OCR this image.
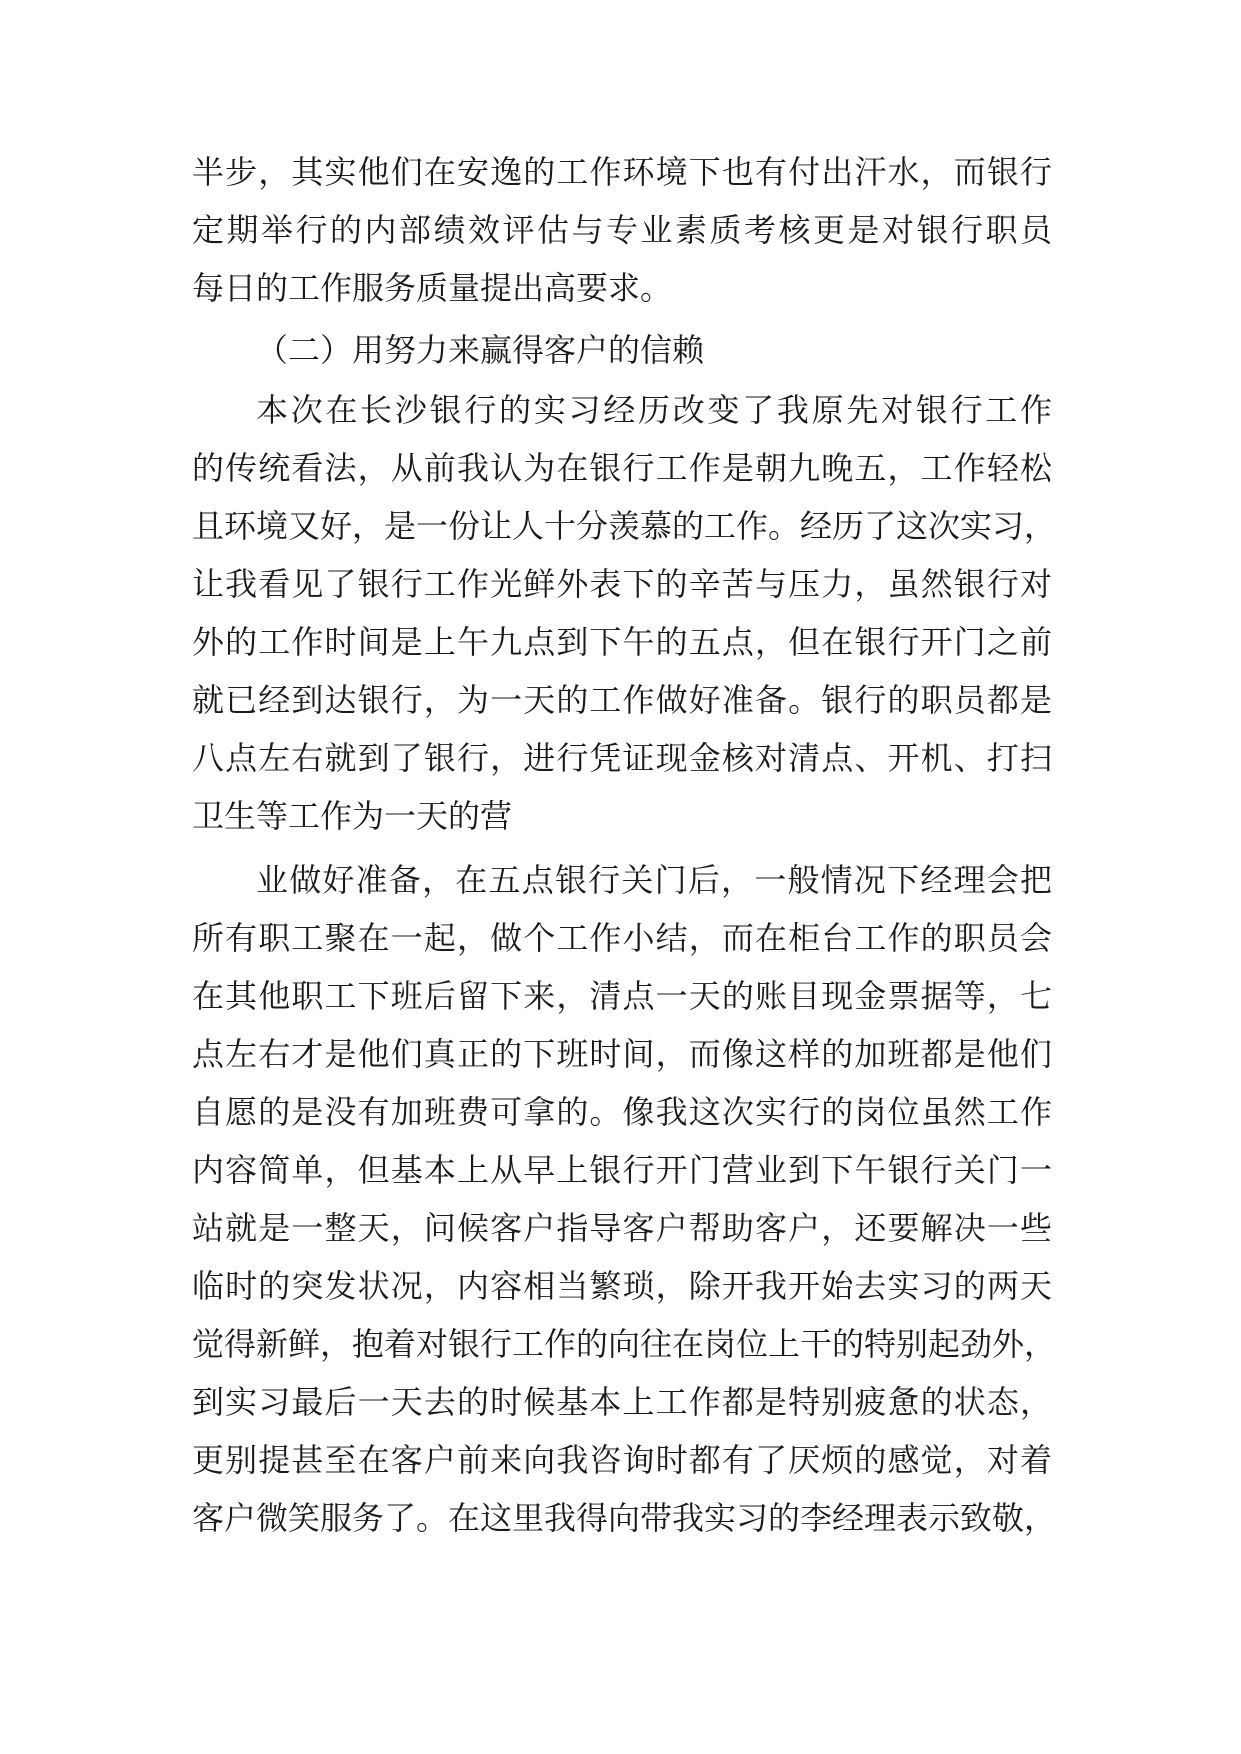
半步，其实他们在安逸的工作环境下也有付出汗水，而银行
定期举行的内部绩效评估与专业素质考核更是对银行职员
每日的工作服务质量提出高要求。
（二）用努力来赢得客户的信赖
本次在长沙银行的实习经历改变了我原先对银行工作
的传统看法，从前我认为在银行工作是朝九晚五，工作轻松
且环境又好，是一份让人十分羡慕的工作。经历了这次实习，
让我看见了银行工作光鲜外表下的辛苦与压力，虽然银行对
外的工作时间是上午九点到下午的五点，但在银行开门之前
就已经到达银行，为一天的工作做好准备。银行的职员都是
八点左右就到了银行，进行凭证现金核对清点、开机、打扫
卫生等工作为一天的营
业做好准备，在五点银行关门后，一般情况下经理会把
所有职工聚在一起，做个工作小结，而在柜台工作的职员会
在其他职工下班后留下来，清点一天的账目现金票据等，七
点左右才是他们真正的下班时间，而像这样的加班都是他们
自愿的是没有加班费可拿的。像我这次实行的岗位虽然工作
内容简单，但基本上从早上银行开门营业到下午银行关门一
站就是一整天，问候客户指导客户帮助客户，还要解决一些
临时的突发状况，内容相当繁琐，除开我开始去实习的两天
觉得新鲜，抱着对银行工作的向往在岗位上干的特别起劲外，
到实习最后一天去的时候基本上工作都是特别疲惫的状态，
更别提甚至在客户前来向我咨询时都有了厌烦的感觉，对着
客户微笑服务了。在这里我得向带我实习的李经理表示致敬，
